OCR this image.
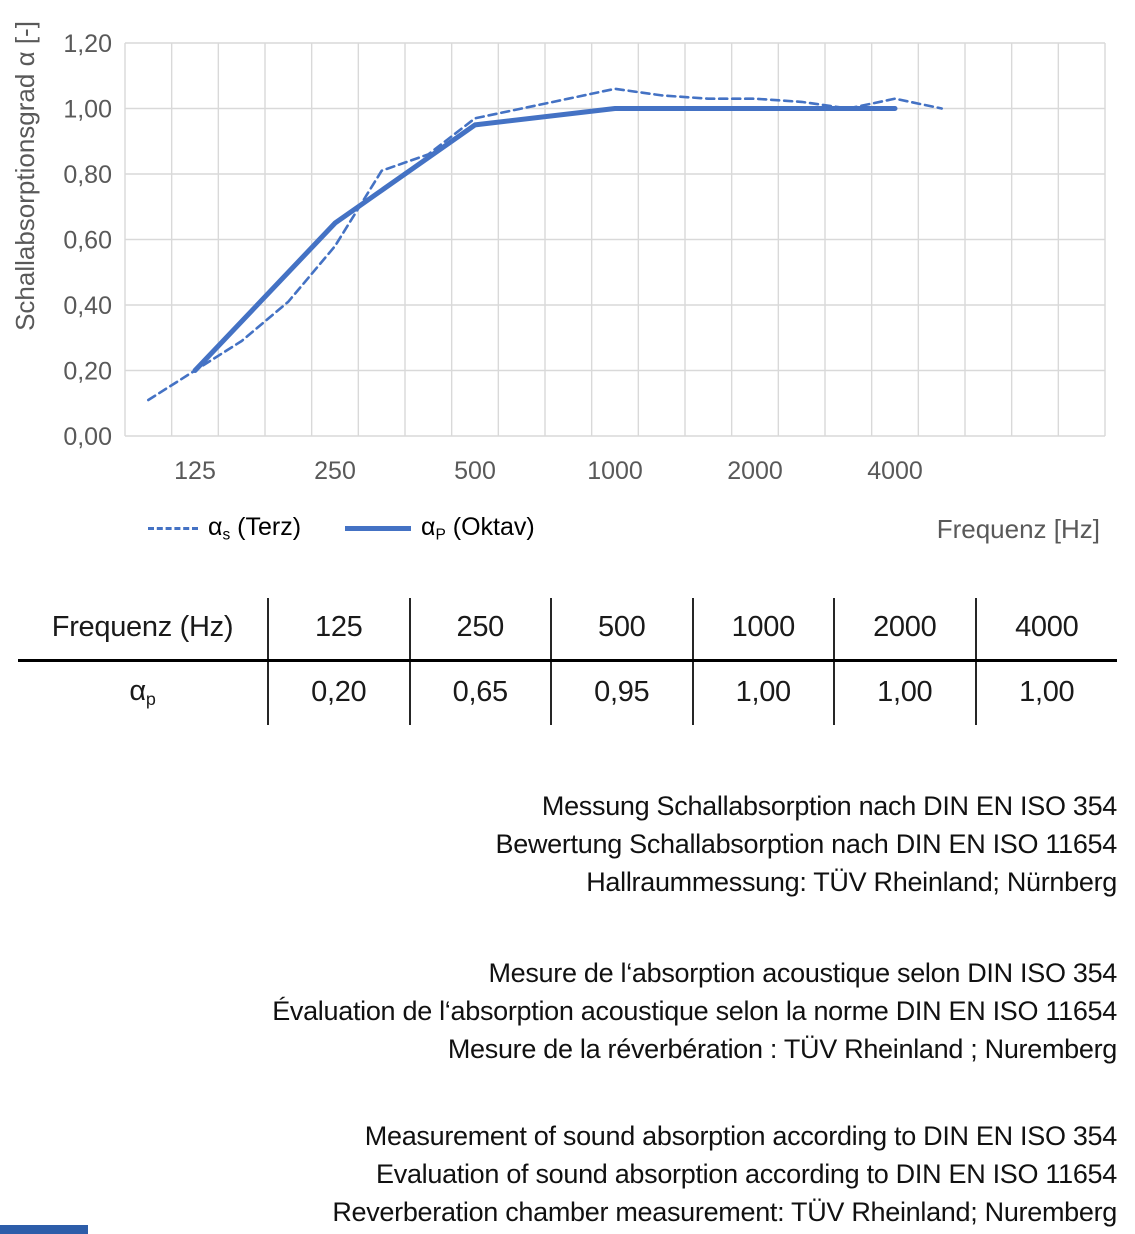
1,20
1,00
0,80
0,60
0,40
0,20
0,00
125	250	500	1000	2000	4000
Schallabsorptionsgrad α [-]
$\alpha_s$ (Terz)	$\alpha_P$ (Oktav)	Frequenz [Hz]
Frequenz (Hz)	125	250	500	1000	2000	4000
$\alpha_p$	0,20	0,65	0,95	1,00	1,00	1,00
Messung Schallabsorption nach DIN EN ISO 354
Bewertung Schallabsorption nach DIN EN ISO 11654
Hallraummessung: TÜV Rheinland; Nürnberg
Mesure de l‘absorption acoustique selon DIN ISO 354
Évaluation de l‘absorption acoustique selon la norme DIN EN ISO 11654
Mesure de la réverbération : TÜV Rheinland ; Nuremberg
Measurement of sound absorption according to DIN EN ISO 354
Evaluation of sound absorption according to DIN EN ISO 11654
Reverberation chamber measurement: TÜV Rheinland; Nuremberg
